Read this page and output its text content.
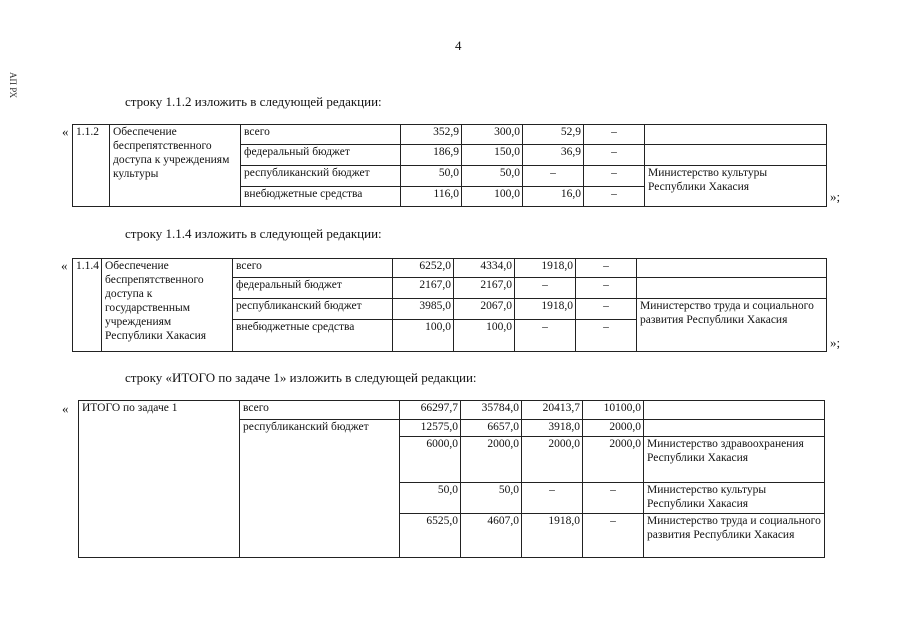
4
АП РХ
строку 1.1.2 изложить в следующей редакции:
« 1.1.2	Обеспечение беспрепятственного доступа к учреждениям культуры	всего	352,9	300,0	52,9	–	
		федеральный бюджет	186,9	150,0	36,9	–	
		республиканский бюджет	50,0	50,0	–	–	Министерство культуры Республики Хакасия
		внебюджетные средства	116,0	100,0	16,0	–		»;
строку 1.1.4 изложить в следующей редакции:
« 1.1.4	Обеспечение беспрепятственного доступа к государственным учреждениям Республики Хакасия	всего	6252,0	4334,0	1918,0	–	
		федеральный бюджет	2167,0	2167,0	–	–	
		республиканский бюджет	3985,0	2067,0	1918,0	–	Министерство труда и социального развития Республики Хакасия
		внебюджетные средства	100,0	100,0	–	–	
»;
строку «ИТОГО по задаче 1» изложить в следующей редакции:
« ИТОГО по задаче 1	всего	66297,7	35784,0	20413,7	10100,0	
	республиканский бюджет	12575,0	6657,0	3918,0	2000,0	
		6000,0	2000,0	2000,0	2000,0	Министерство здравоохранения Республики Хакасия
		50,0	50,0	–	–	Министерство культуры Республики Хакасия
		6525,0	4607,0	1918,0	–	Министерство труда и социального развития Республики Хакасия
